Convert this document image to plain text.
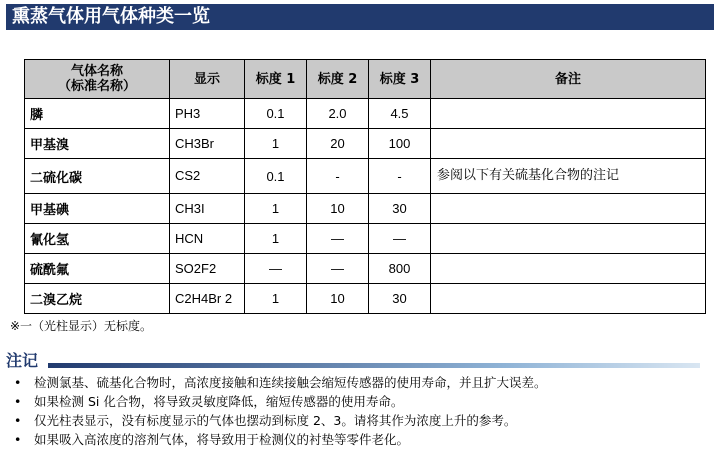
熏蒸气体用气体种类一览
气体名称
（标准名称）	显示	标度 1	标度 2	标度 3	备注
膦	PH3	0.1	2.0	4.5	
甲基溴	CH3Br	1	20	100	
二硫化碳	CS2	0.1	-	-	参阅以下有关硫基化合物的注记
甲基碘	CH3I	1	10	30	
氰化氢	HCN	1	—	—	
硫酰氟	SO2F2	—	—	800	
二溴乙烷	C2H4Br 2	1	10	30	
※一（光柱显示）无标度。
注记
• 检测氯基、硫基化合物时，高浓度接触和连续接触会缩短传感器的使用寿命，并且扩大误差。
• 如果检测 Si 化合物，将导致灵敏度降低，缩短传感器的使用寿命。
• 仅光柱表显示，没有标度显示的气体也摆动到标度 2、3。请将其作为浓度上升的参考。
• 如果吸入高浓度的溶剂气体，将导致用于检测仪的衬垫等零件老化。
